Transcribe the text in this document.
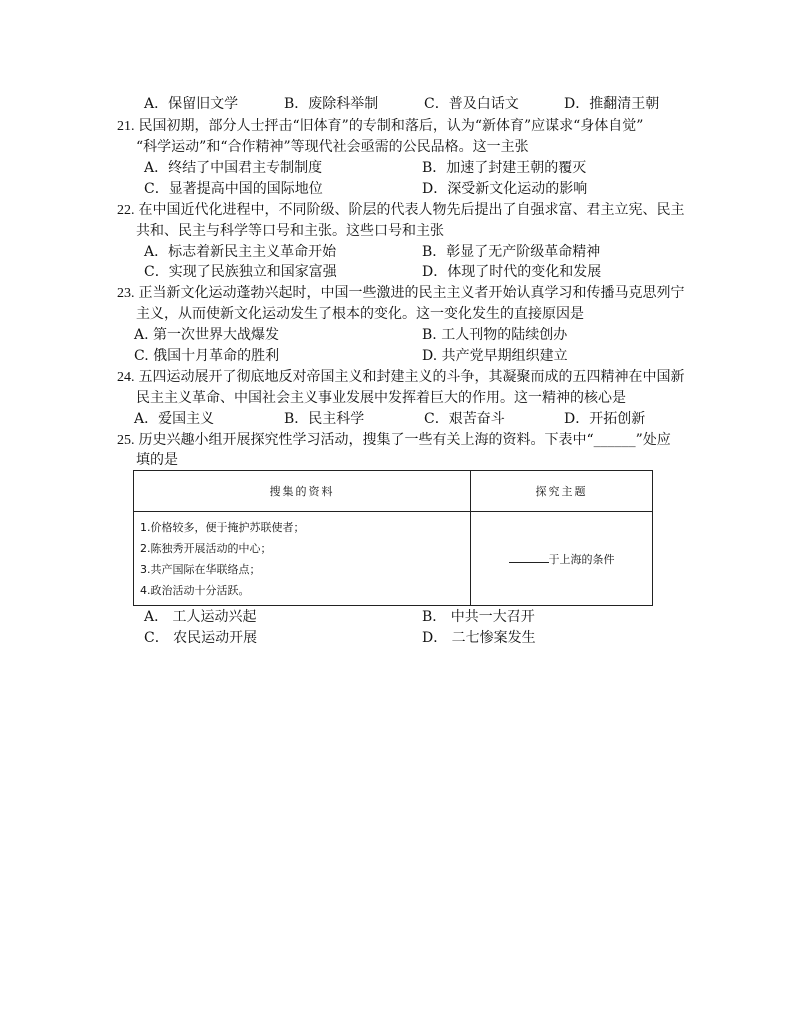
A．保留旧文学	B．废除科举制	C．普及白话文	D．推翻清王朝
21. 民国初期，部分人士抨击“旧体育”的专制和落后，认为“新体育”应谋求“身体自觉”
“科学运动”和“合作精神”等现代社会亟需的公民品格。这一主张
A．终结了中国君主专制制度	B．加速了封建王朝的覆灭
C．显著提高中国的国际地位	D．深受新文化运动的影响
22. 在中国近代化进程中，不同阶级、阶层的代表人物先后提出了自强求富、君主立宪、民主
共和、民主与科学等口号和主张。这些口号和主张
A．标志着新民主主义革命开始	B．彰显了无产阶级革命精神
C．实现了民族独立和国家富强	D．体现了时代的变化和发展
23. 正当新文化运动蓬勃兴起时，中国一些激进的民主主义者开始认真学习和传播马克思列宁
主义，从而使新文化运动发生了根本的变化。这一变化发生的直接原因是
A. 第一次世界大战爆发	B. 工人刊物的陆续创办
C. 俄国十月革命的胜利	D. 共产党早期组织建立
24. 五四运动展开了彻底地反对帝国主义和封建主义的斗争，其凝聚而成的五四精神在中国新
民主主义革命、中国社会主义事业发展中发挥着巨大的作用。这一精神的核心是
A．爱国主义	B．民主科学	C．艰苦奋斗	D．开拓创新
25. 历史兴趣小组开展探究性学习活动，搜集了一些有关上海的资料。下表中“______”处应
填的是
搜集的资料	探究主题

1.价格较多，便于掩护苏联使者；
2.陈独秀开展活动的中心；
3.共产国际在华联络点；
4.政治活动十分活跃。	于上海的条件
A． 工人运动兴起	B． 中共一大召开
C． 农民运动开展	D． 二七惨案发生
